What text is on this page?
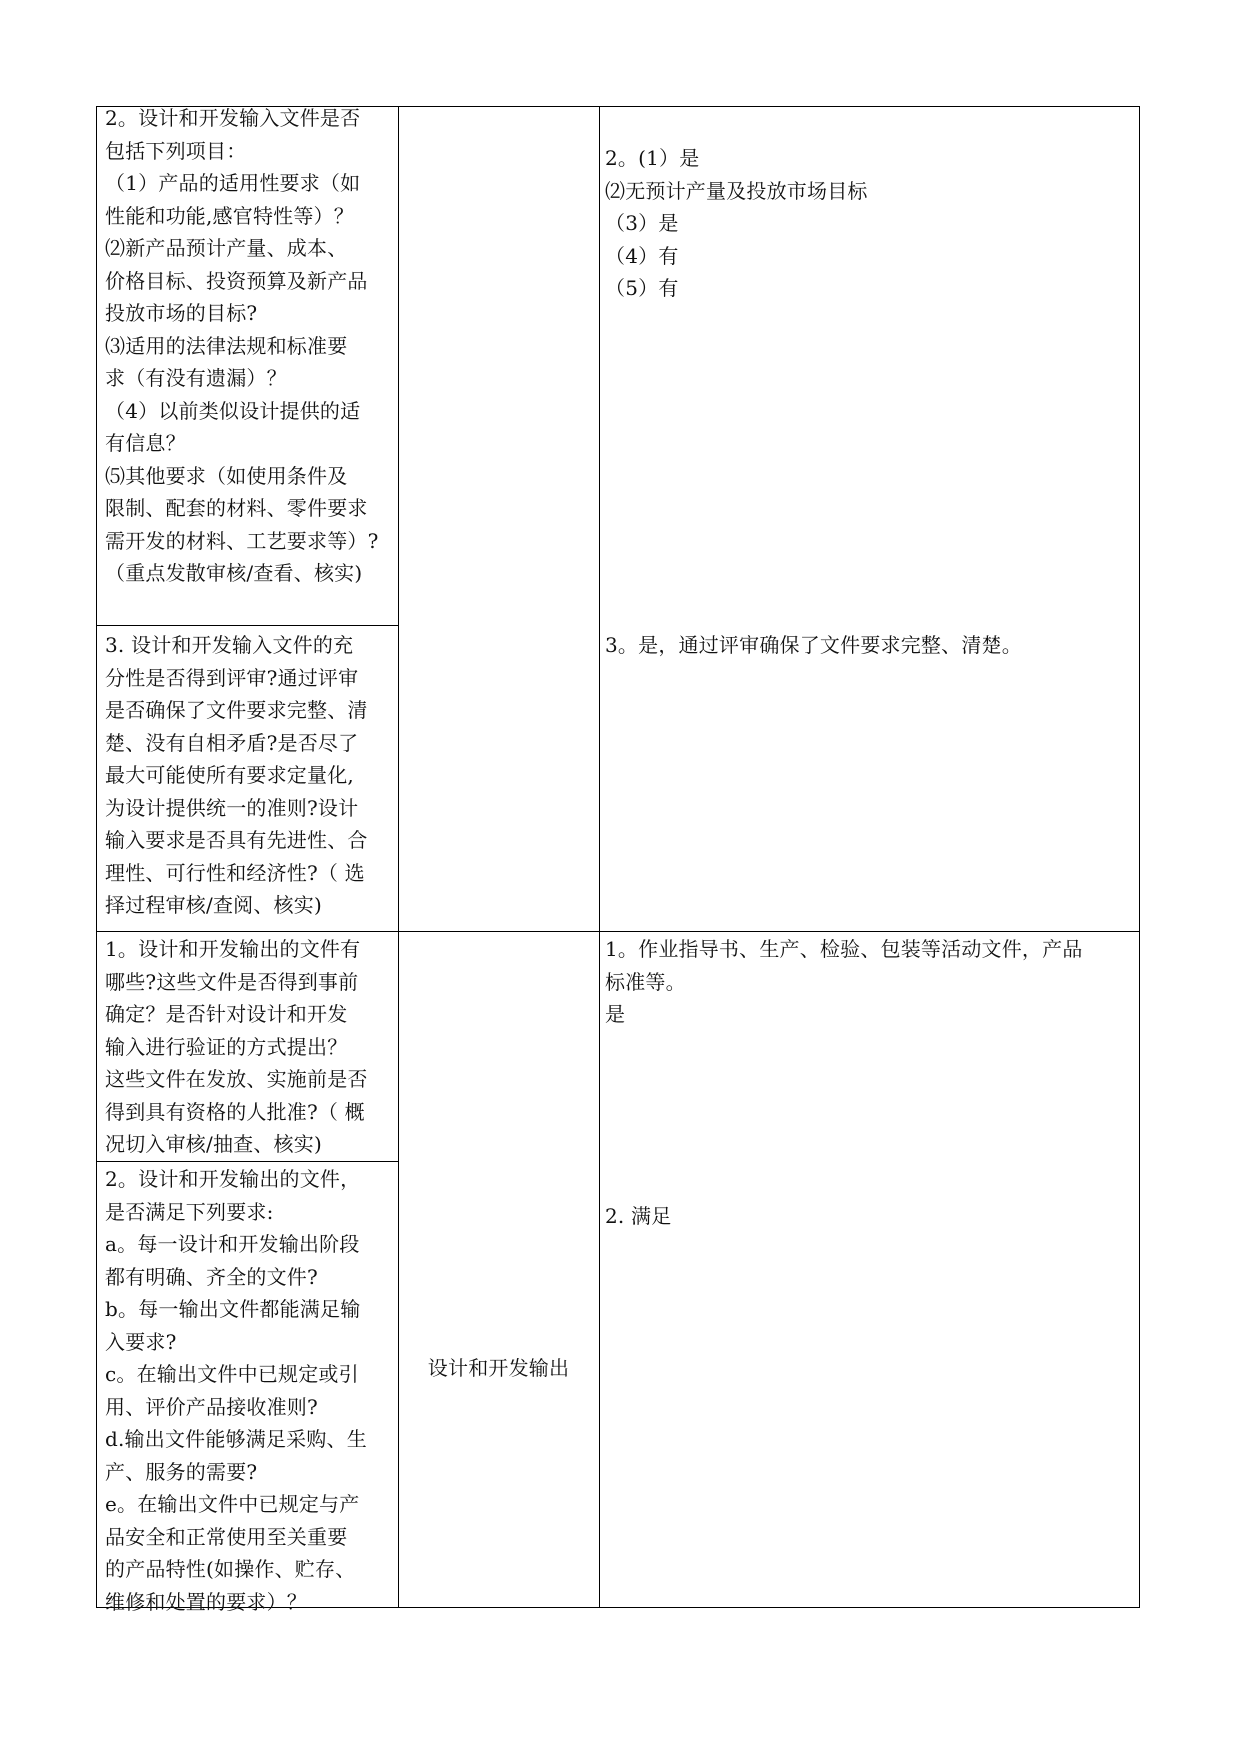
2。设计和开发输入文件是否
包括下列项目：
（1）产品的适用性要求（如
性能和功能,感官特性等）？
⑵新产品预计产量、成本、
价格目标、投资预算及新产品
投放市场的目标?
⑶适用的法律法规和标准要
求（有没有遗漏）？
（4）以前类似设计提供的适
有信息？
⑸其他要求（如使用条件及
限制、配套的材料、零件要求
需开发的材料、工艺要求等）?
（重点发散审核/查看、核实)
2。(1）是
⑵无预计产量及投放市场目标
（3）是
（4）有
（5）有
3. 设计和开发输入文件的充
分性是否得到评审?通过评审
是否确保了文件要求完整、清
楚、没有自相矛盾?是否尽了
最大可能使所有要求定量化,
为设计提供统一的准则?设计
输入要求是否具有先进性、合
理性、可行性和经济性?（ 选
择过程审核/查阅、核实)
3。是，通过评审确保了文件要求完整、清楚。
1。设计和开发输出的文件有
哪些?这些文件是否得到事前
确定？是否针对设计和开发
输入进行验证的方式提出？
这些文件在发放、实施前是否
得到具有资格的人批准?（ 概
况切入审核/抽查、核实)
1。作业指导书、生产、检验、包装等活动文件，产品
标准等。
是
2。设计和开发输出的文件，
是否满足下列要求:
a。每一设计和开发输出阶段
都有明确、齐全的文件?
b。每一输出文件都能满足输
入要求?
c。在输出文件中已规定或引
用、评价产品接收准则?
d.输出文件能够满足采购、生
产、服务的需要?
e。在输出文件中已规定与产
品安全和正常使用至关重要
的产品特性(如操作、贮存、
维修和处置的要求）？
2. 满足
设计和开发输出
